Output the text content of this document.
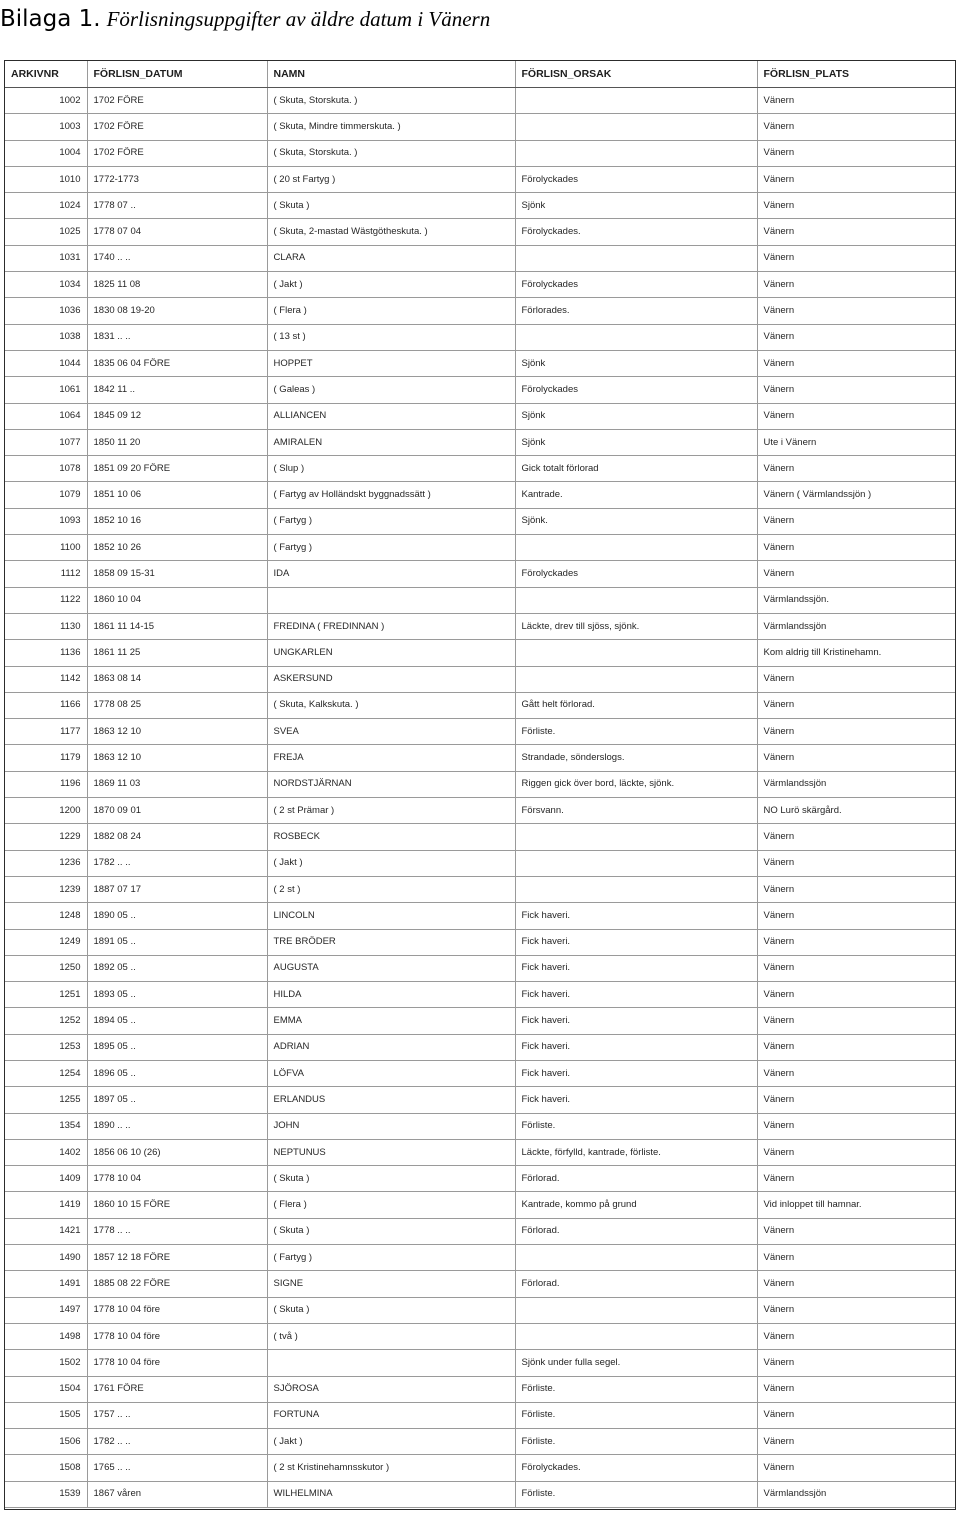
Bilaga 1. Förlisningsuppgifter av äldre datum i Vänern
ARKIVNR	FÖRLISN_DATUM	NAMN	FÖRLISN_ORSAK	FÖRLISN_PLATS
1002	1702 FÖRE	( Skuta, Storskuta. )		Vänern
1003	1702 FÖRE	( Skuta, Mindre timmerskuta. )		Vänern
1004	1702 FÖRE	( Skuta, Storskuta. )		Vänern
1010	1772-1773	( 20 st Fartyg )	Förolyckades	Vänern
1024	1778 07 ..	( Skuta )	Sjönk	Vänern
1025	1778 07 04	( Skuta, 2-mastad Wästgötheskuta. )	Förolyckades.	Vänern
1031	1740 .. ..	CLARA		Vänern
1034	1825 11 08	( Jakt )	Förolyckades	Vänern
1036	1830 08 19-20	( Flera )	Förlorades.	Vänern
1038	1831 .. ..	( 13 st )		Vänern
1044	1835 06 04 FÖRE	HOPPET	Sjönk	Vänern
1061	1842 11 ..	( Galeas )	Förolyckades	Vänern
1064	1845 09 12	ALLIANCEN	Sjönk	Vänern
1077	1850 11 20	AMIRALEN	Sjönk	Ute i Vänern
1078	1851 09 20 FÖRE	( Slup )	Gick totalt förlorad	Vänern
1079	1851 10 06	( Fartyg av Holländskt byggnadssätt )	Kantrade.	Vänern ( Värmlandssjön )
1093	1852 10 16	( Fartyg )	Sjönk.	Vänern
1100	1852 10 26	( Fartyg )		Vänern
1112	1858 09 15-31	IDA	Förolyckades	Vänern
1122	1860 10 04			Värmlandssjön.
1130	1861 11 14-15	FREDINA ( FREDINNAN )	Läckte, drev till sjöss, sjönk.	Värmlandssjön
1136	1861 11 25	UNGKARLEN		Kom aldrig till Kristinehamn.
1142	1863 08 14	ASKERSUND		Vänern
1166	1778 08 25	( Skuta, Kalkskuta. )	Gått helt förlorad.	Vänern
1177	1863 12 10	SVEA	Förliste.	Vänern
1179	1863 12 10	FREJA	Strandade, sönderslogs.	Vänern
1196	1869 11 03	NORDSTJÄRNAN	Riggen gick över bord, läckte, sjönk.	Värmlandssjön
1200	1870 09 01	( 2 st Prämar )	Försvann.	NO Lurö skärgård.
1229	1882 08 24	ROSBECK		Vänern
1236	1782 .. ..	( Jakt )		Vänern
1239	1887 07 17	( 2 st )		Vänern
1248	1890 05 ..	LINCOLN	Fick haveri.	Vänern
1249	1891 05 ..	TRE BRÖDER	Fick haveri.	Vänern
1250	1892 05 ..	AUGUSTA	Fick haveri.	Vänern
1251	1893 05 ..	HILDA	Fick haveri.	Vänern
1252	1894 05 ..	EMMA	Fick haveri.	Vänern
1253	1895 05 ..	ADRIAN	Fick haveri.	Vänern
1254	1896 05 ..	LÖFVA	Fick haveri.	Vänern
1255	1897 05 ..	ERLANDUS	Fick haveri.	Vänern
1354	1890 .. ..	JOHN	Förliste.	Vänern
1402	1856 06 10 (26)	NEPTUNUS	Läckte, förfylld, kantrade, förliste.	Vänern
1409	1778 10 04	( Skuta )	Förlorad.	Vänern
1419	1860 10 15 FÖRE	( Flera )	Kantrade, kommo på grund	Vid inloppet till hamnar.
1421	1778 .. ..	( Skuta )	Förlorad.	Vänern
1490	1857 12 18 FÖRE	( Fartyg )		Vänern
1491	1885 08 22 FÖRE	SIGNE	Förlorad.	Vänern
1497	1778 10 04 före	( Skuta )		Vänern
1498	1778 10 04 före	( två )		Vänern
1502	1778 10 04 före		Sjönk under fulla segel.	Vänern
1504	1761 FÖRE	SJÖROSA	Förliste.	Vänern
1505	1757 .. ..	FORTUNA	Förliste.	Vänern
1506	1782 .. ..	( Jakt )	Förliste.	Vänern
1508	1765 .. ..	( 2 st Kristinehamnsskutor )	Förolyckades.	Vänern
1539	1867 våren	WILHELMINA	Förliste.	Värmlandssjön
